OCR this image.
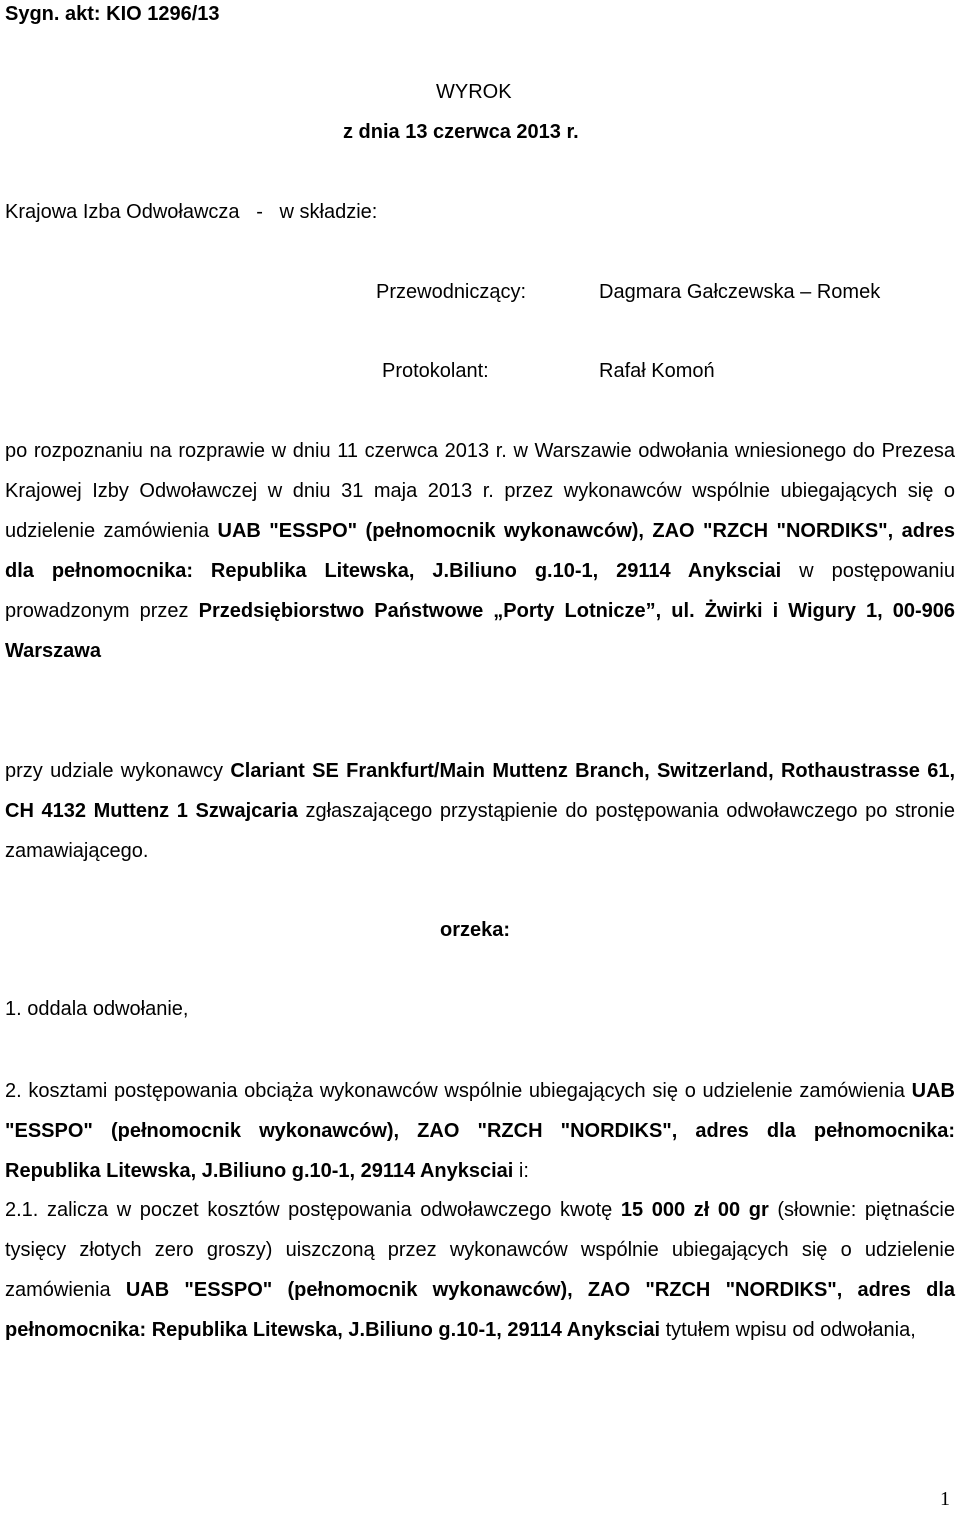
Sygn. akt: KIO 1296/13
WYROK
z dnia 13 czerwca 2013 r.
Krajowa Izba Odwoławcza   -   w składzie:
Przewodniczący:	Dagmara Gałczewska – Romek
Protokolant:	Rafał Komoń
po rozpoznaniu na rozprawie w dniu 11 czerwca 2013 r. w Warszawie odwołania wniesionego do Prezesa Krajowej Izby Odwoławczej w dniu 31 maja 2013 r. przez wykonawców wspólnie ubiegających się o udzielenie zamówienia UAB "ESSPO" (pełnomocnik wykonawców), ZAO "RZCH "NORDIKS", adres dla pełnomocnika: Republika Litewska, J.Biliuno g.10-1, 29114 Anyksciai w postępowaniu prowadzonym przez Przedsiębiorstwo Państwowe „Porty Lotnicze”, ul. Żwirki i Wigury 1, 00-906 Warszawa
przy udziale wykonawcy Clariant SE Frankfurt/Main Muttenz Branch, Switzerland, Rothaustrasse 61, CH 4132 Muttenz 1 Szwajcaria zgłaszającego przystąpienie do postępowania odwoławczego po stronie zamawiającego.
orzeka:
1. oddala odwołanie,
2. kosztami postępowania obciąża wykonawców wspólnie ubiegających się o udzielenie zamówienia UAB "ESSPO" (pełnomocnik wykonawców), ZAO "RZCH "NORDIKS", adres dla pełnomocnika: Republika Litewska, J.Biliuno g.10-1, 29114 Anyksciai i:
2.1. zalicza w poczet kosztów postępowania odwoławczego kwotę 15 000 zł 00 gr (słownie: piętnaście tysięcy złotych zero groszy) uiszczoną przez wykonawców wspólnie ubiegających się o udzielenie zamówienia UAB "ESSPO" (pełnomocnik wykonawców), ZAO "RZCH "NORDIKS", adres dla pełnomocnika: Republika Litewska, J.Biliuno g.10-1, 29114 Anyksciai tytułem wpisu od odwołania,
1
